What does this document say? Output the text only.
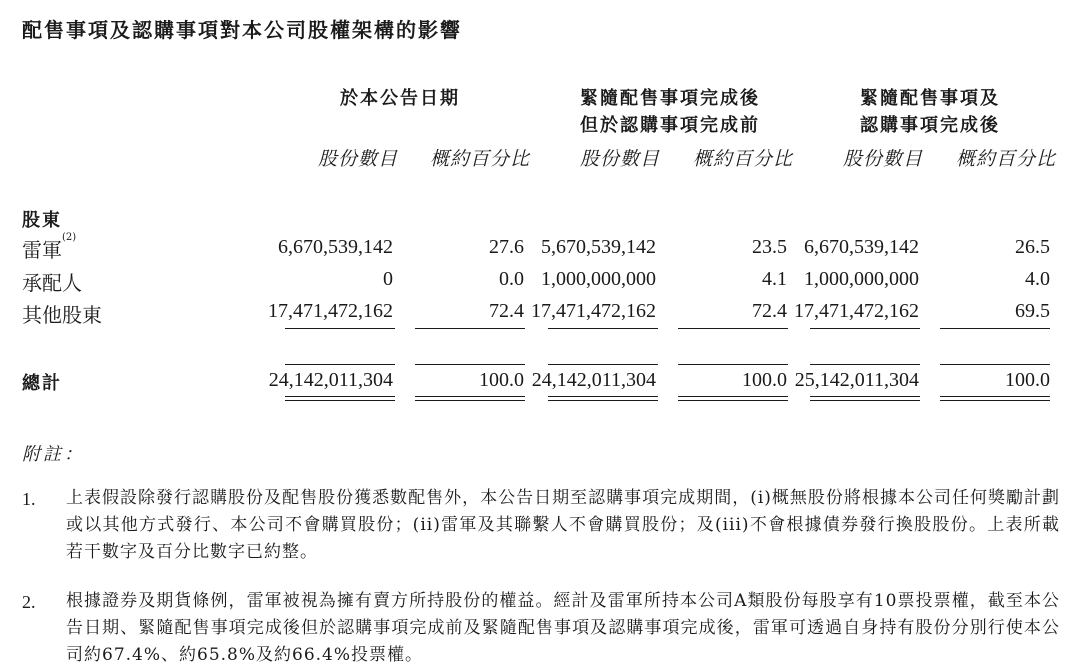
配售事項及認購事項對本公司股權架構的影響
於本公告日期	緊隨配售事項完成後
但於認購事項完成前
緊隨配售事項及
認購事項完成後
股份數目 概約百分比	股份數目 概約百分比	股份數目 概約百分比
股東
雷軍$^{(2)}$	6,670,539,142	27.6 5,670,539,142	23.5 6,670,539,142	26.5
承配人	0	0.0 1,000,000,000	4.1 1,000,000,000	4.0
其他股東	17,471,472,162	72.4 17,471,472,162	72.4 17,471,472,162	69.5
總計	24,142,011,304	100.0 24,142,011,304	100.0 25,142,011,304	100.0
附註：
1. 上表假設除發行認購股份及配售股份獲悉數配售外，本公告日期至認購事項完成期間，(i)概無股份將根據本公司任何獎勵計劃或以其他方式發行、本公司不會購買股份；(ii)雷軍及其聯繫人不會購買股份；及(iii)不會根據債券發行換股股份。上表所載若干數字及百分比數字已約整。
2. 根據證券及期貨條例，雷軍被視為擁有賣方所持股份的權益。經計及雷軍所持本公司A類股份每股享有10票投票權，截至本公告日期、緊隨配售事項完成後但於認購事項完成前及緊隨配售事項及認購事項完成後，雷軍可透過自身持有股份分別行使本公司約67.4%、約65.8%及約66.4%投票權。
